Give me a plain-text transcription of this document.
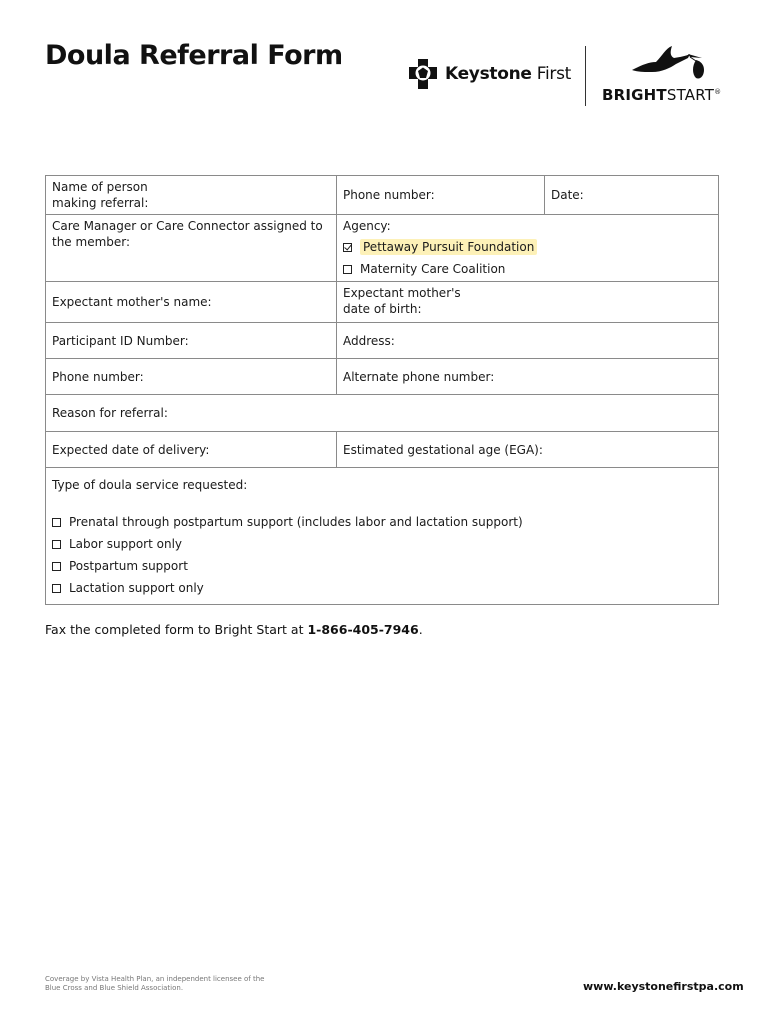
Doula Referral Form
Keystone First
BRIGHTSTART®
Name of person
making referral:	Phone number:	Date:
Care Manager or Care Connector assigned to the member:	Agency:
Pettaway Pursuit Foundation
Maternity Care Coalition	

Expectant mother's name:	Expectant mother's
date of birth:	
Participant ID Number:	Address:	
Phone number:	Alternate phone number:	
Reason for referral:		
Expected date of delivery:	Estimated gestational age (EGA):	

Type of doula service requested:
Prenatal through postpartum support (includes labor and lactation support)
Labor support only
Postpartum support
Lactation support only		
Fax the completed form to Bright Start at 1-866-405-7946.
Coverage by Vista Health Plan, an independent licensee of the Blue Cross and Blue Shield Association.	www.keystonefirstpa.com
